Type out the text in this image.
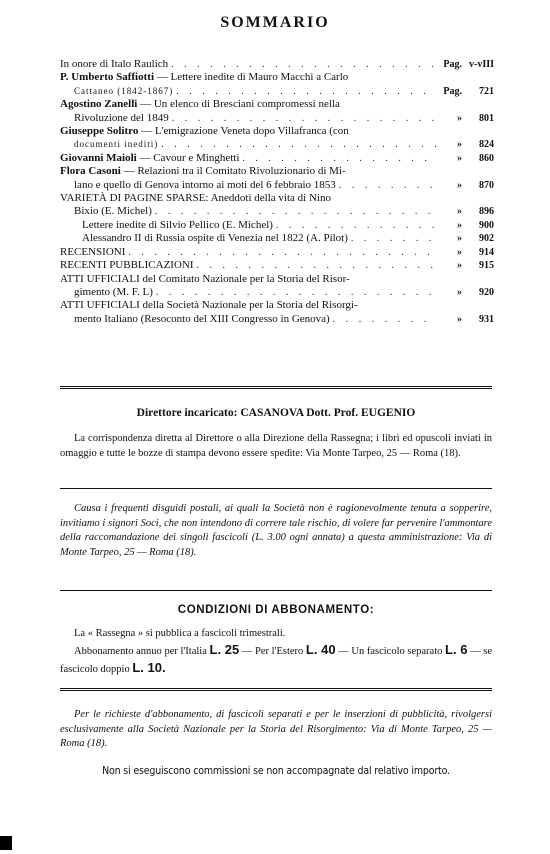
SOMMARIO
In onore di Italo Raulich . . .	Pag. v-vIII
P. Umberto Saffiotti — Lettere inedite di Mauro Macchi a Carlo
Cattaneo (1842-1867) . . .	Pag.	721
Agostino Zanelli — Un elenco di Bresciani compromessi nella
Rivoluzione del 1849 . . .	»	801
Giuseppe Solitro — L'emigrazione Veneta dopo Villafranca (con
documenti inediti) . . .	»	824
Giovanni Maioli — Cavour e Minghetti . . .	»	860
Flora Casoni — Relazioni tra il Comitato Rivoluzionario di Mi-
lano e quello di Genova intorno ai moti del 6 febbraio 1853 . . .	»	870
VARIETÀ DI PAGINE SPARSE: Aneddoti della vita di Nino
Bixio (E. Michel) . . .	»	896
Lettere inedite di Silvio Pellico (E. Michel) . . .	»	900
Alessandro II di Russia ospite di Venezia nel 1822 (A. Pilot) . . .	»	902
RECENSIONI . . .	»	914
RECENTI PUBBLICAZIONI . . .	»	915
ATTI UFFICIALI del Comitato Nazionale per la Storia del Risor-
gimento (M. F. L) . . .	»	920
ATTI UFFICIALI della Società Nazionale per la Storia del Risorgi-
mento Italiano (Resoconto del XIII Congresso in Genova) . . .	»	931
Direttore incaricato: CASANOVA Dott. Prof. EUGENIO
La corrispondenza diretta al Direttore o alla Direzione della Rassegna; i libri ed opuscoli inviati in omaggio e tutte le bozze di stampa devono essere spedite: Via Monte Tarpeo, 25 — Roma (18).
Causa i frequenti disguidi postali, ai quali la Società non è ragionevolmente tenuta a sopperire, invitiamo i signori Soci, che non intendono di correre tale rischio, di volere far pervenire l'ammontare della raccomandazione dei singoli fascicoli (L. 3.00 ogni annata) a questa amministrazione: Via di Monte Tarpeo, 25 — Roma (18).
CONDIZIONI DI ABBONAMENTO:
La « Rassegna » si pubblica a fascicoli trimestrali.
Abbonamento annuo per l'Italia L. 25 — Per l'Estero L. 40 — Un fascicolo separato L. 6 — se fascicolo doppio L. 10.
Per le richieste d'abbonamento, di fascicoli separati e per le inserzioni di pubblicità, rivolgersi esclusivamente alla Società Nazionale per la Storia del Risorgimento: Via di Monte Tarpeo, 25 — Roma (18).
Non si eseguiscono commissioni se non accompagnate dal relativo importo.
